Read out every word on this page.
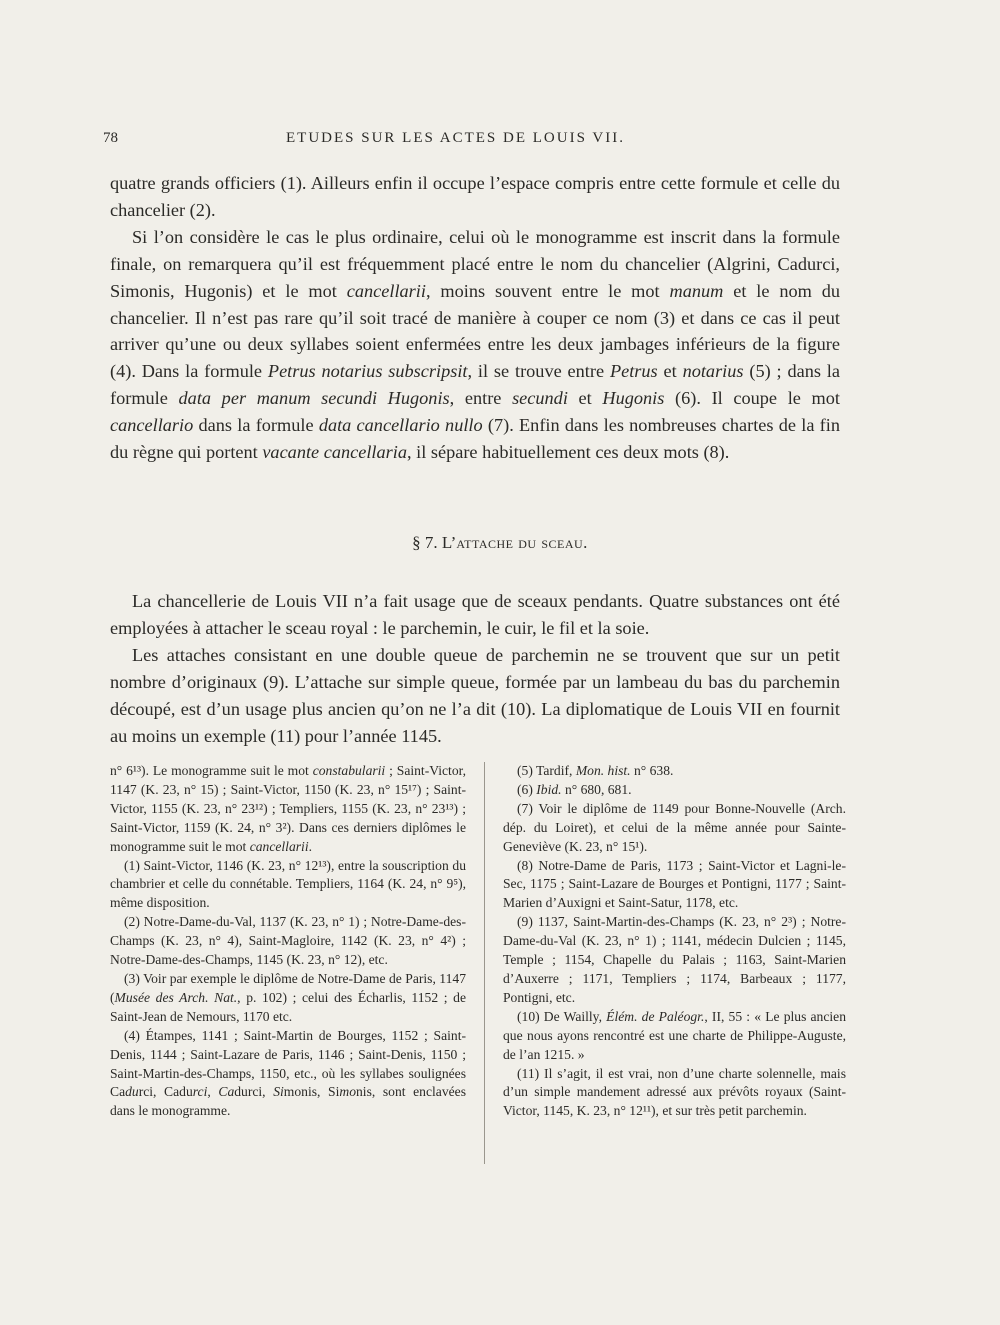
78	ETUDES SUR LES ACTES DE LOUIS VII.

quatre grands officiers (1). Ailleurs enfin il occupe l’espace compris entre cette formule et celle du chancelier (2).

Si l’on considère le cas le plus ordinaire, celui où le monogramme est inscrit dans la formule finale, on remarquera qu’il est fréquemment placé entre le nom du chancelier (Algrini, Cadurci, Simonis, Hugonis) et le mot cancellarii, moins souvent entre le mot manum et le nom du chancelier. Il n’est pas rare qu’il soit tracé de manière à couper ce nom (3) et dans ce cas il peut arriver qu’une ou deux syllabes soient enfermées entre les deux jambages inférieurs de la figure (4). Dans la formule Petrus notarius subscripsit, il se trouve entre Petrus et notarius (5) ; dans la formule data per manum secundi Hugonis, entre secundi et Hugonis (6). Il coupe le mot cancellario dans la formule data cancellario nullo (7). Enfin dans les nombreuses chartes de la fin du règne qui portent vacante cancellaria, il sépare habituellement ces deux mots (8).

§ 7. L’attache du sceau.

La chancellerie de Louis VII n’a fait usage que de sceaux pendants. Quatre substances ont été employées à attacher le sceau royal : le parchemin, le cuir, le fil et la soie.

Les attaches consistant en une double queue de parchemin ne se trouvent que sur un petit nombre d’originaux (9). L’attache sur simple queue, formée par un lambeau du bas du parchemin découpé, est d’un usage plus ancien qu’on ne l’a dit (10). La diplomatique de Louis VII en fournit au moins un exemple (11) pour l’année 1145.

n° 6¹³). Le monogramme suit le mot constabularii ; Saint-Victor, 1147 (K. 23, n° 15) ; Saint-Victor, 1150 (K. 23, n° 15¹⁷) ; Saint-Victor, 1155 (K. 23, n° 23¹²) ; Templiers, 1155 (K. 23, n° 23¹³) ; Saint-Victor, 1159 (K. 24, n° 3²). Dans ces derniers diplômes le monogramme suit le mot cancellarii.

(1) Saint-Victor, 1146 (K. 23, n° 12¹³), entre la souscription du chambrier et celle du connétable. Templiers, 1164 (K. 24, n° 9⁵), même disposition.

(2) Notre-Dame-du-Val, 1137 (K. 23, n° 1) ; Notre-Dame-des-Champs (K. 23, n° 4), Saint-Magloire, 1142 (K. 23, n° 4²) ; Notre-Dame-des-Champs, 1145 (K. 23, n° 12), etc.

(3) Voir par exemple le diplôme de Notre-Dame de Paris, 1147 (Musée des Arch. Nat., p. 102) ; celui des Écharlis, 1152 ; de Saint-Jean de Nemours, 1170 etc.

(4) Étampes, 1141 ; Saint-Martin de Bourges, 1152 ; Saint-Denis, 1144 ; Saint-Lazare de Paris, 1146 ; Saint-Denis, 1150 ; Saint-Martin-des-Champs, 1150, etc., où les syllabes soulignées Cadurci, Cadurci, Cadurci, Simonis, Simonis, sont enclavées dans le monogramme.

(5) Tardif, Mon. hist. n° 638.

(6) Ibid. n° 680, 681.

(7) Voir le diplôme de 1149 pour Bonne-Nouvelle (Arch. dép. du Loiret), et celui de la même année pour Sainte-Geneviève (K. 23, n° 15¹).

(8) Notre-Dame de Paris, 1173 ; Saint-Victor et Lagni-le-Sec, 1175 ; Saint-Lazare de Bourges et Pontigni, 1177 ; Saint-Marien d’Auxigni et Saint-Satur, 1178, etc.

(9) 1137, Saint-Martin-des-Champs (K. 23, n° 2³) ; Notre-Dame-du-Val (K. 23, n° 1) ; 1141, médecin Dulcien ; 1145, Temple ; 1154, Chapelle du Palais ; 1163, Saint-Marien d’Auxerre ; 1171, Templiers ; 1174, Barbeaux ; 1177, Pontigni, etc.

(10) De Wailly, Élém. de Paléogr., II, 55 : « Le plus ancien que nous ayons rencontré est une charte de Philippe-Auguste, de l’an 1215. »

(11) Il s’agit, il est vrai, non d’une charte solennelle, mais d’un simple mandement adressé aux prévôts royaux (Saint-Victor, 1145, K. 23, n° 12¹¹), et sur très petit parchemin.
